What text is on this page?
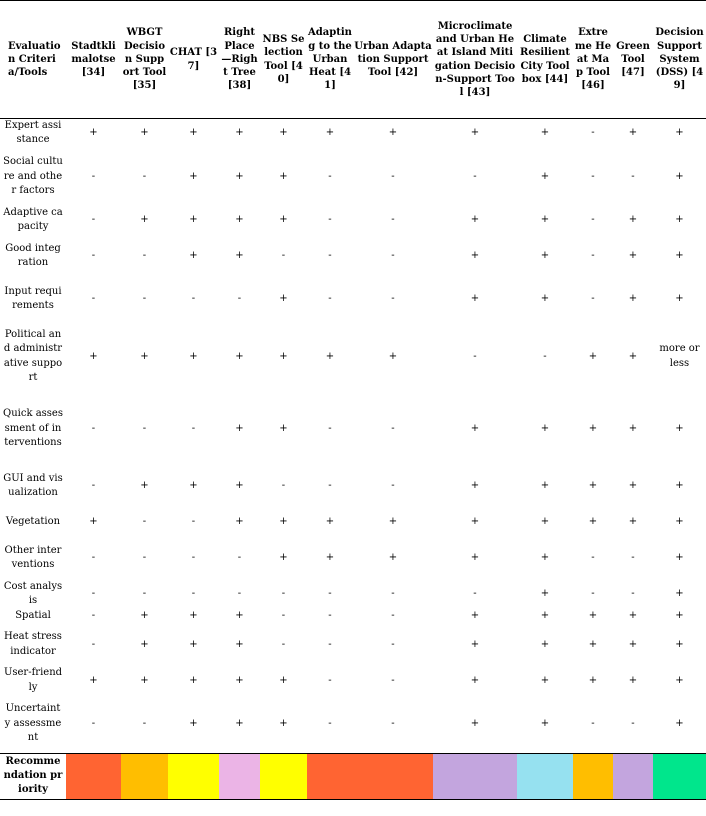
Evaluation Criteria/Tools	Stadtklimalotse [34]	WBGT Decision Support Tool [35]	CHAT [37]	Right Place—Right Tree [38]	NBS Selection Tool [40]	Adapting to the Urban Heat [41]	Urban Adaptation Support Tool [42]	Microclimate and Urban Heat Island Mitigation Decision-Support Tool [43]	Climate Resilient City Toolbox [44]	Extreme Heat Map Tool [46]	Green Tool [47]	Decision Support System (DSS) [49]
Expert assistance	+	+	+	+	+	+	+	+	+	-	+	+
Social culture and other factors	-	-	+	+	+	-	-	-	+	-	-	+
Adaptive capacity	-	+	+	+	+	-	-	+	+	-	+	+
Good integration	-	-	+	+	-	-	-	+	+	-	+	+
Input requirements	-	-	-	-	+	-	-	+	+	-	+	+
Political and administrative support	+	+	+	+	+	+	+	-	-	+	+	more or less
Quick assessment of interventions	-	-	-	+	+	-	-	+	+	+	+	+
GUI and visualization	-	+	+	+	-	-	-	+	+	+	+	+
Vegetation	+	-	-	+	+	+	+	+	+	+	+	+
Other interventions	-	-	-	-	+	+	+	+	+	-	-	+
Cost analysis	-	-	-	-	-	-	-	-	+	-	-	+
Spatial	-	+	+	+	-	-	-	+	+	+	+	+
Heat stress indicator	-	+	+	+	-	-	-	+	+	+	+	+
User-friendly	+	+	+	+	+	-	-	+	+	+	+	+
Uncertainty assessment	-	-	+	+	+	-	-	+	+	-	-	+
Recommendation priority												
